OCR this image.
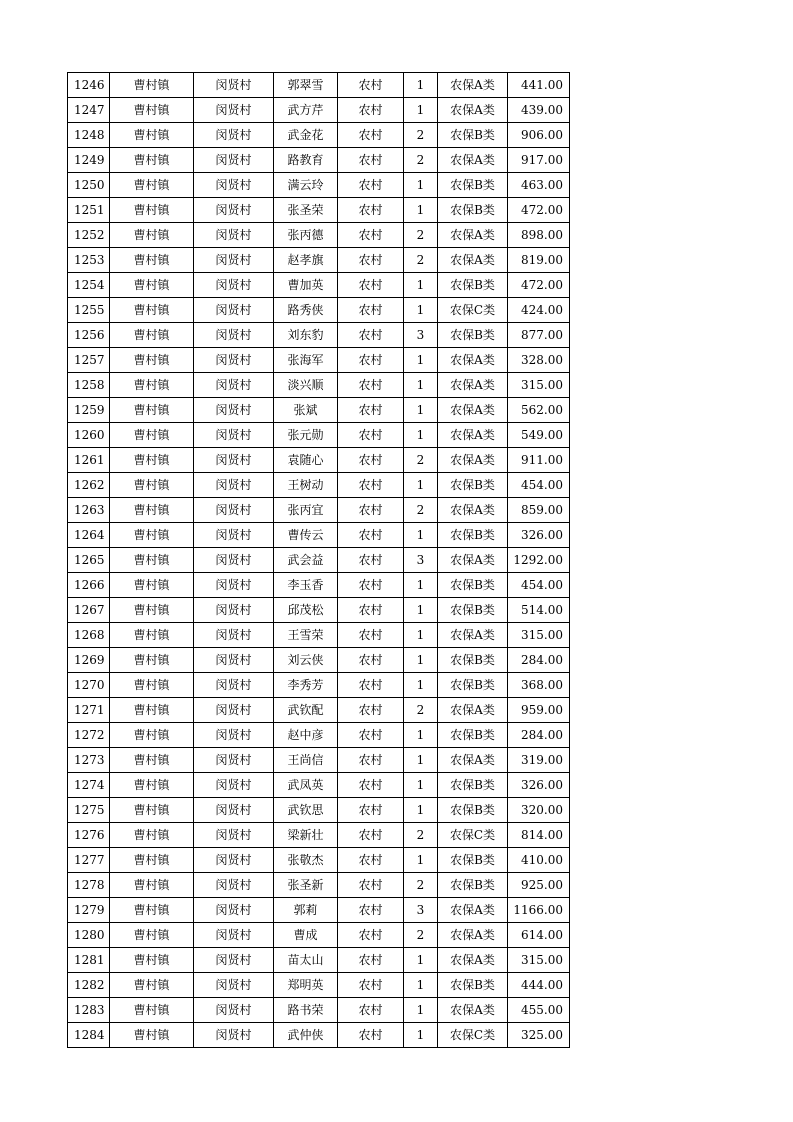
1246	曹村镇	闵贤村	郭翠雪	农村	1	农保A类	441.00
1247	曹村镇	闵贤村	武方芹	农村	1	农保A类	439.00
1248	曹村镇	闵贤村	武金花	农村	2	农保B类	906.00
1249	曹村镇	闵贤村	路教育	农村	2	农保A类	917.00
1250	曹村镇	闵贤村	满云玲	农村	1	农保B类	463.00
1251	曹村镇	闵贤村	张圣荣	农村	1	农保B类	472.00
1252	曹村镇	闵贤村	张丙德	农村	2	农保A类	898.00
1253	曹村镇	闵贤村	赵孝旗	农村	2	农保A类	819.00
1254	曹村镇	闵贤村	曹加英	农村	1	农保B类	472.00
1255	曹村镇	闵贤村	路秀侠	农村	1	农保C类	424.00
1256	曹村镇	闵贤村	刘东豹	农村	3	农保B类	877.00
1257	曹村镇	闵贤村	张海军	农村	1	农保A类	328.00
1258	曹村镇	闵贤村	淡兴顺	农村	1	农保A类	315.00
1259	曹村镇	闵贤村	张斌	农村	1	农保A类	562.00
1260	曹村镇	闵贤村	张元勋	农村	1	农保A类	549.00
1261	曹村镇	闵贤村	袁随心	农村	2	农保A类	911.00
1262	曹村镇	闵贤村	王树动	农村	1	农保B类	454.00
1263	曹村镇	闵贤村	张丙宜	农村	2	农保A类	859.00
1264	曹村镇	闵贤村	曹传云	农村	1	农保B类	326.00
1265	曹村镇	闵贤村	武会益	农村	3	农保A类	1292.00
1266	曹村镇	闵贤村	李玉香	农村	1	农保B类	454.00
1267	曹村镇	闵贤村	邱茂松	农村	1	农保B类	514.00
1268	曹村镇	闵贤村	王雪荣	农村	1	农保A类	315.00
1269	曹村镇	闵贤村	刘云侠	农村	1	农保B类	284.00
1270	曹村镇	闵贤村	李秀芳	农村	1	农保B类	368.00
1271	曹村镇	闵贤村	武钦配	农村	2	农保A类	959.00
1272	曹村镇	闵贤村	赵中彦	农村	1	农保B类	284.00
1273	曹村镇	闵贤村	王尚信	农村	1	农保A类	319.00
1274	曹村镇	闵贤村	武凤英	农村	1	农保B类	326.00
1275	曹村镇	闵贤村	武钦思	农村	1	农保B类	320.00
1276	曹村镇	闵贤村	梁新壮	农村	2	农保C类	814.00
1277	曹村镇	闵贤村	张敬杰	农村	1	农保B类	410.00
1278	曹村镇	闵贤村	张圣新	农村	2	农保B类	925.00
1279	曹村镇	闵贤村	郭莉	农村	3	农保A类	1166.00
1280	曹村镇	闵贤村	曹成	农村	2	农保A类	614.00
1281	曹村镇	闵贤村	苗太山	农村	1	农保A类	315.00
1282	曹村镇	闵贤村	郑明英	农村	1	农保B类	444.00
1283	曹村镇	闵贤村	路书荣	农村	1	农保A类	455.00
1284	曹村镇	闵贤村	武仲侠	农村	1	农保C类	325.00
